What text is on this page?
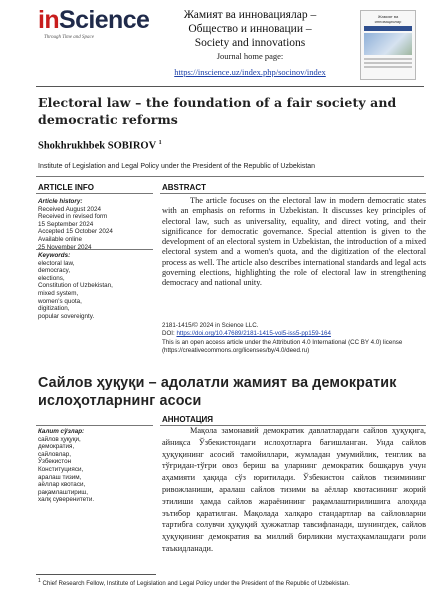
inScience
Through Time and Space
Жамият ва инновациялар –
Общество и инновации –
Society and innovations
Journal home page:
https://inscience.uz/index.php/socinov/index
Жамият ва инновациялар
Electoral law – the foundation of a fair society and democratic reforms
Shokhrukhbek SOBIROV $^1$
Institute of Legislation and Legal Policy under the President of the Republic of Uzbekistan
ARTICLE INFO	ABSTRACT
Article history:
Received August 2024
Received in revised form
15 September 2024
Accepted 15 October 2024
Available online
25 November 2024
Keywords:
electoral law,
democracy,
elections,
Constitution of Uzbekistan,
mixed system,
women's quota,
digitization,
popular sovereignty.

The article focuses on the electoral law in modern democratic states with an emphasis on reforms in Uzbekistan. It discusses key principles of electoral law, such as universality, equality, and direct voting, and their significance for democratic governance. Special attention is given to the development of an electoral system in Uzbekistan, the introduction of a mixed electoral system and a women's quota, and the digitization of the electoral process as well. The article also describes international standards and legal acts governing elections, highlighting the role of electoral law in strengthening democracy and national unity.

2181-1415/© 2024 in Science LLC.
DOI: https://doi.org/10.47689/2181-1415-vol5-iss5-pp159-164
This is an open access article under the Attribution 4.0 International (CC BY 4.0) license (https://creativecommons.org/licenses/by/4.0/deed.ru)
Сайлов ҳуқуқи – адолатли жамият ва демократик ислоҳотларнинг асоси
АННОТАЦИЯ
Калит сўзлар:
сайлов ҳуқуқи,
демократия,
сайловлар,
Ўзбекистон
Конституцияси,
аралаш тизим,
аёллар квотаси,
рақамлаштириш,
халқ суверенитети.

Мақола замонавий демократик давлатлардаги сайлов ҳуқуқига, айниқса Ўзбекистондаги ислоҳотларга бағишланган. Унда сайлов ҳуқуқининг асосий тамойиллари, жумладан умумийлик, тенглик ва тўғридан-тўғри овоз бериш ва уларнинг демократик бошқарув учун аҳамияти ҳақида сўз юритилади. Ўзбекистон сайлов тизимининг ривожланиши, аралаш сайлов тизими ва аёллар квотасининг жорий этилиши ҳамда сайлов жараёнининг рақамлаштирилишига алоҳида эътибор қаратилган. Мақолада халқаро стандартлар ва сайловларни тартибга солувчи ҳуқуқий ҳужжатлар тавсифланади, шунингдек, сайлов ҳуқуқининг демократия ва миллий бирликни мустаҳкамлашдаги роли таъкидланади.

$^1$ Chief Research Fellow, Institute of Legislation and Legal Policy under the President of the Republic of Uzbekistan.
